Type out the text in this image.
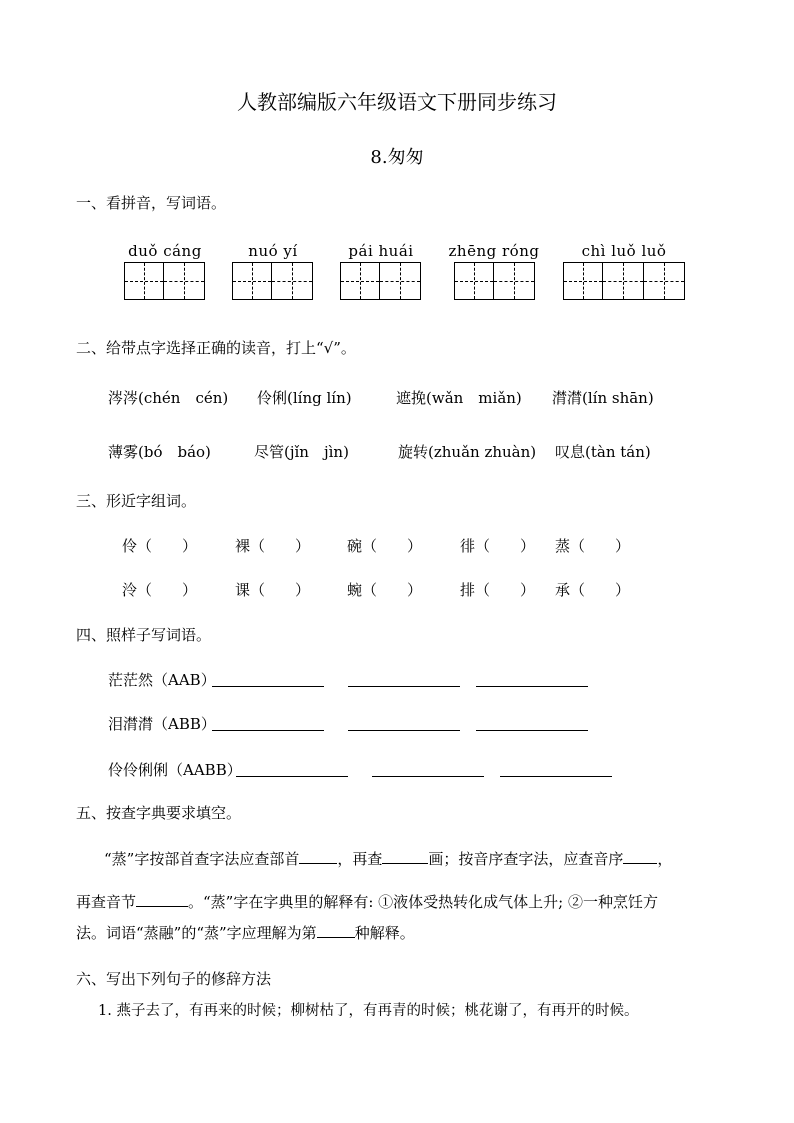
人教部编版六年级语文下册同步练习
8.匆匆
一、看拼音，写词语。
duǒ cáng	nuó yí	pái huái	zhēng róng	chì luǒ luǒ
二、给带点字选择正确的读音，打上“√”。
涔涔(chén　cén) 伶俐(líng lín)	遮挽(wǎn　miǎn) 潸潸(lín shān)
薄雾(bó　báo)	尽管(jǐn　jìn)	旋转(zhuǎn zhuàn) 叹息(tàn tán)
三、形近字组词。
伶（　　）	裸（　　） 碗（　　）	徘（　　） 蒸（　　）
泠（　　）	课（　　） 蜿（　　）	排（　　） 承（　　）
四、照样子写词语。
茫茫然（AAB）
泪潸潸（ABB）
伶伶俐俐（AABB）
五、按查字典要求填空。
“蒸”字按部首查字法应查部首	，再查	画；按音序查字法，应查音序 ，
再查音节	。“蒸”字在字典里的解释有: ①液体受热转化成气体上升; ②一种烹饪方
法。词语“蒸融”的“蒸”字应理解为第	种解释。
六、写出下列句子的修辞方法
1. 燕子去了，有再来的时候；柳树枯了，有再青的时候；桃花谢了，有再开的时候。
